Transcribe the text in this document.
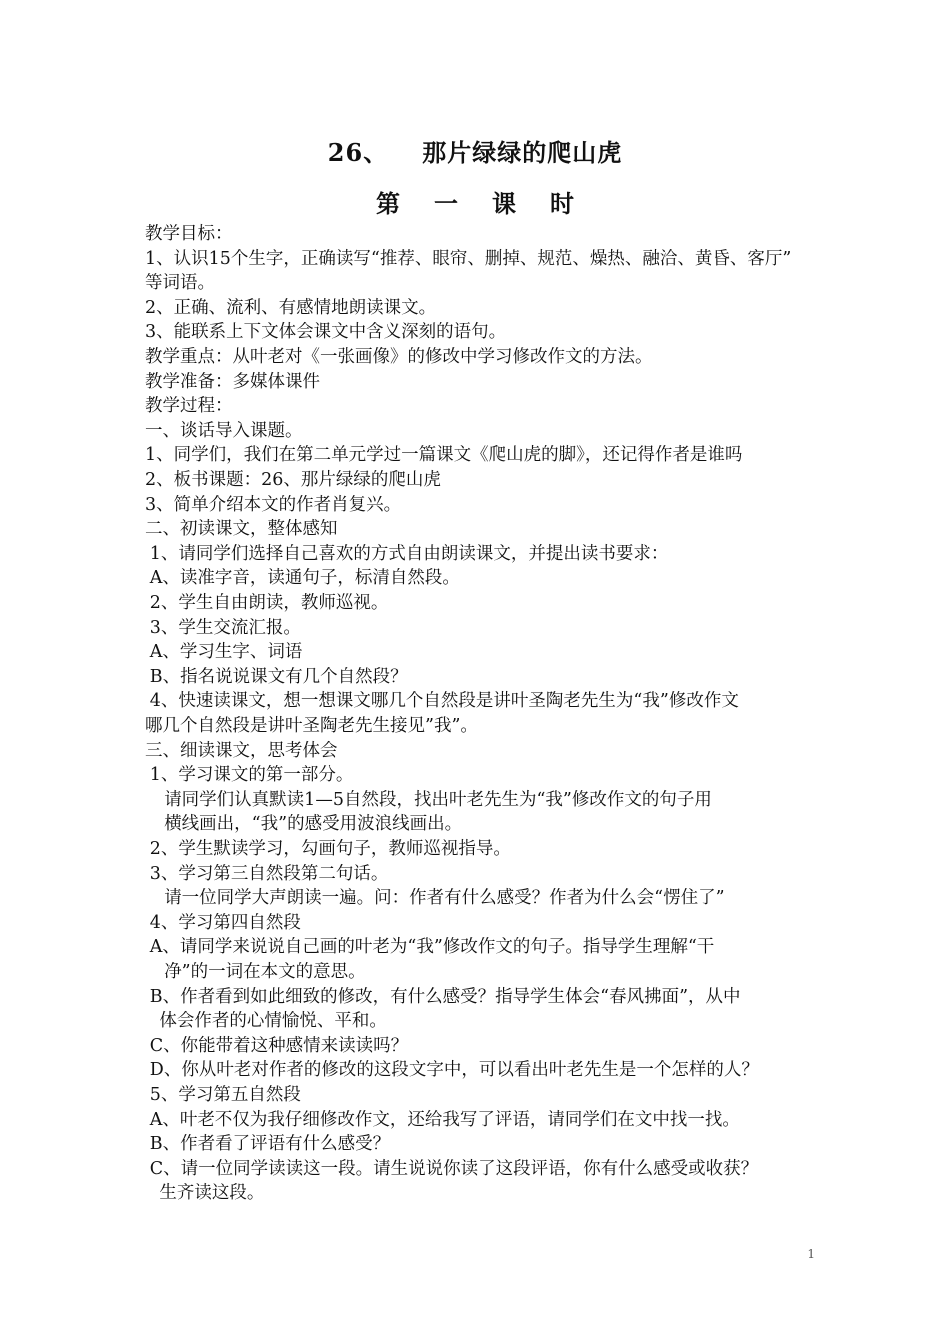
26、 那片绿绿的爬山虎
第一课时
教学目标：
1、认识15个生字，正确读写“推荐、眼帘、删掉、规范、燥热、融洽、黄昏、客厅”
等词语。
2、正确、流利、有感情地朗读课文。
3、能联系上下文体会课文中含义深刻的语句。
教学重点：从叶老对《一张画像》的修改中学习修改作文的方法。
教学准备：多媒体课件
教学过程：
一、谈话导入课题。
1、同学们，我们在第二单元学过一篇课文《爬山虎的脚》，还记得作者是谁吗
2、板书课题：26、那片绿绿的爬山虎
3、简单介绍本文的作者肖复兴。
二、初读课文，整体感知
1、请同学们选择自己喜欢的方式自由朗读课文，并提出读书要求：
A、读准字音，读通句子，标清自然段。
2、学生自由朗读，教师巡视。
3、学生交流汇报。
A、学习生字、词语
B、指名说说课文有几个自然段？
4、快速读课文，想一想课文哪几个自然段是讲叶圣陶老先生为“我”修改作文
哪几个自然段是讲叶圣陶老先生接见”我”。
三、细读课文，思考体会
1、学习课文的第一部分。
请同学们认真默读1—5自然段，找出叶老先生为“我”修改作文的句子用
横线画出，“我”的感受用波浪线画出。
2、学生默读学习，勾画句子，教师巡视指导。
3、学习第三自然段第二句话。
请一位同学大声朗读一遍。问：作者有什么感受？作者为什么会“愣住了”
4、学习第四自然段
A、请同学来说说自己画的叶老为“我”修改作文的句子。指导学生理解“干
净”的一词在本文的意思。
B、作者看到如此细致的修改，有什么感受？指导学生体会“春风拂面”，从中
体会作者的心情愉悦、平和。
C、你能带着这种感情来读读吗？
D、你从叶老对作者的修改的这段文字中，可以看出叶老先生是一个怎样的人？
5、学习第五自然段
A、叶老不仅为我仔细修改作文，还给我写了评语，请同学们在文中找一找。
B、作者看了评语有什么感受？
C、请一位同学读读这一段。请生说说你读了这段评语，你有什么感受或收获？
生齐读这段。
1
